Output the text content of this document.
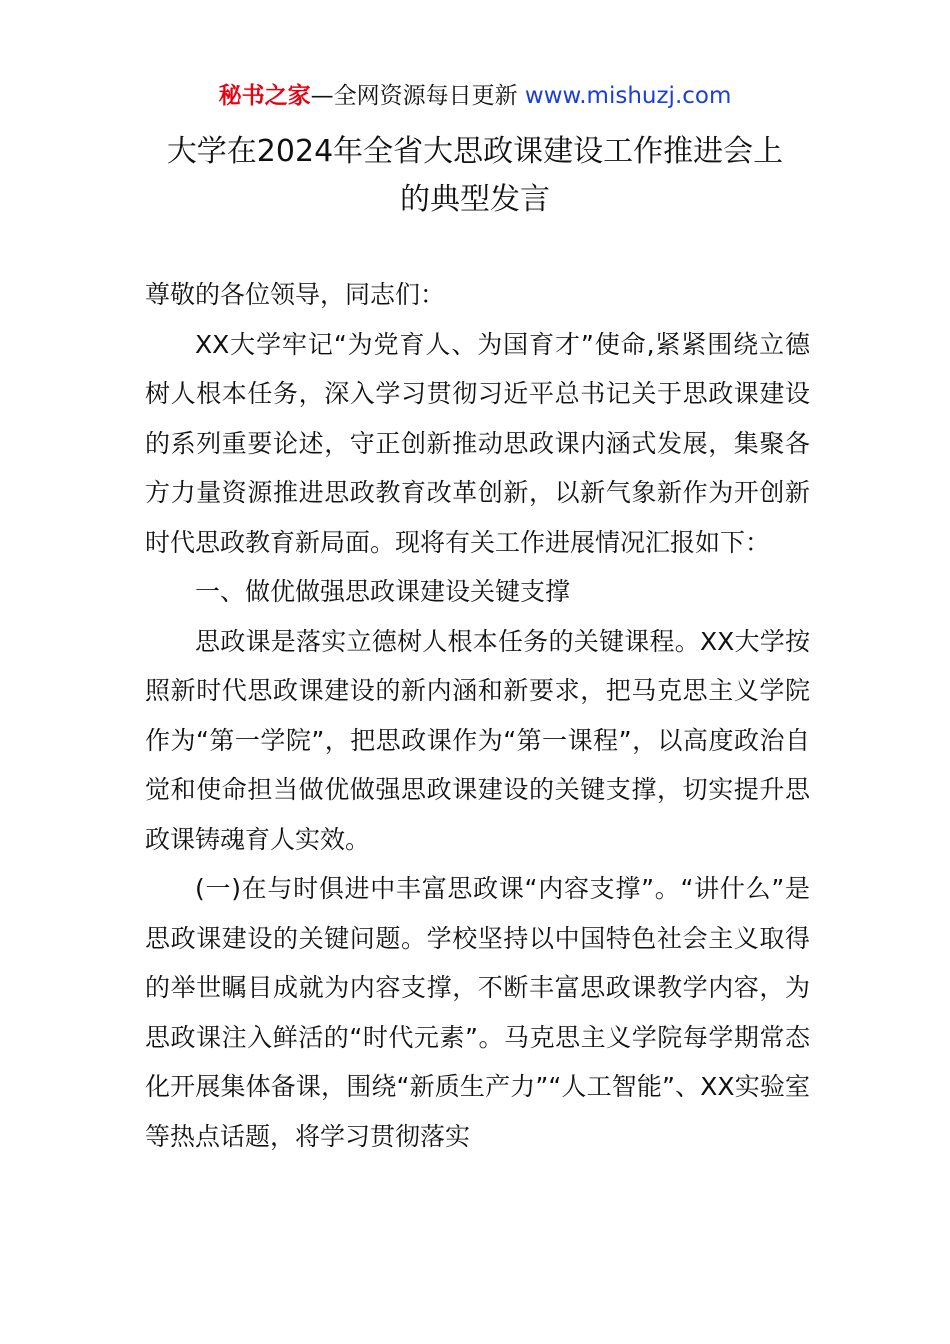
秘书之家—全网资源每日更新 www.mishuzj.com
大学在2024年全省大思政课建设工作推进会上
的典型发言

尊敬的各位领导，同志们：

XX大学牢记“为党育人、为国育才”使命,紧紧围绕立德树人根本任务，深入学习贯彻习近平总书记关于思政课建设的系列重要论述，守正创新推动思政课内涵式发展，集聚各方力量资源推进思政教育改革创新，以新气象新作为开创新时代思政教育新局面。现将有关工作进展情况汇报如下：

一、做优做强思政课建设关键支撑

思政课是落实立德树人根本任务的关键课程。XX大学按照新时代思政课建设的新内涵和新要求，把马克思主义学院作为“第一学院”，把思政课作为“第一课程”，以高度政治自觉和使命担当做优做强思政课建设的关键支撑，切实提升思政课铸魂育人实效。

(一)在与时俱进中丰富思政课“内容支撑”。“讲什么”是思政课建设的关键问题。学校坚持以中国特色社会主义取得的举世瞩目成就为内容支撑，不断丰富思政课教学内容，为思政课注入鲜活的“时代元素”。马克思主义学院每学期常态化开展集体备课，围绕“新质生产力”“人工智能”、XX实验室等热点话题，将学习贯彻落实
